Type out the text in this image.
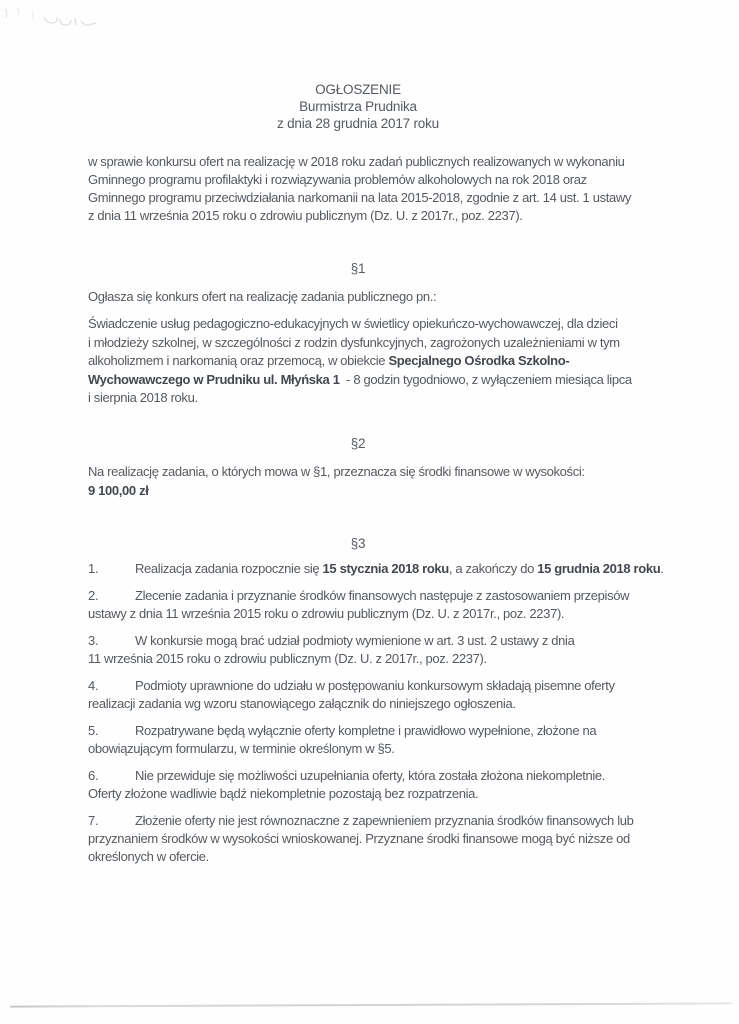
OGŁOSZENIE
Burmistrza Prudnika
z dnia 28 grudnia 2017 roku
w sprawie konkursu ofert na realizację w 2018 roku zadań publicznych realizowanych w wykonaniu
Gminnego programu profilaktyki i rozwiązywania problemów alkoholowych na rok 2018 oraz
Gminnego programu przeciwdziałania narkomanii na lata 2015-2018, zgodnie z art. 14 ust. 1 ustawy
z dnia 11 września 2015 roku o zdrowiu publicznym (Dz. U. z 2017r., poz. 2237).
§1
Ogłasza się konkurs ofert na realizację zadania publicznego pn.:
Świadczenie usług pedagogiczno-edukacyjnych w świetlicy opiekuńczo-wychowawczej, dla dzieci
i młodzieży szkolnej, w szczególności z rodzin dysfunkcyjnych, zagrożonych uzależnieniami w tym
alkoholizmem i narkomanią oraz przemocą, w obiekcie Specjalnego Ośrodka Szkolno-
Wychowawczego w Prudniku ul. Młyńska 1  - 8 godzin tygodniowo, z wyłączeniem miesiąca lipca
i sierpnia 2018 roku.
§2
Na realizację zadania, o których mowa w §1, przeznacza się środki finansowe w wysokości:
9 100,00 zł
§3
1.	Realizacja zadania rozpocznie się 15 stycznia 2018 roku, a zakończy do 15 grudnia 2018 roku.
2.	Zlecenie zadania i przyznanie środków finansowych następuje z zastosowaniem przepisów
ustawy z dnia 11 września 2015 roku o zdrowiu publicznym (Dz. U. z 2017r., poz. 2237).
3.	W konkursie mogą brać udział podmioty wymienione w art. 3 ust. 2 ustawy z dnia
11 września 2015 roku o zdrowiu publicznym (Dz. U. z 2017r., poz. 2237).
4.	Podmioty uprawnione do udziału w postępowaniu konkursowym składają pisemne oferty
realizacji zadania wg wzoru stanowiącego załącznik do niniejszego ogłoszenia.
5.	Rozpatrywane będą wyłącznie oferty kompletne i prawidłowo wypełnione, złożone na
obowiązującym formularzu, w terminie określonym w §5.
6.	Nie przewiduje się możliwości uzupełniania oferty, która została złożona niekompletnie.
Oferty złożone wadliwie bądź niekompletnie pozostają bez rozpatrzenia.
7.	Złożenie oferty nie jest równoznaczne z zapewnieniem przyznania środków finansowych lub
przyznaniem środków w wysokości wnioskowanej. Przyznane środki finansowe mogą być niższe od
określonych w ofercie.
